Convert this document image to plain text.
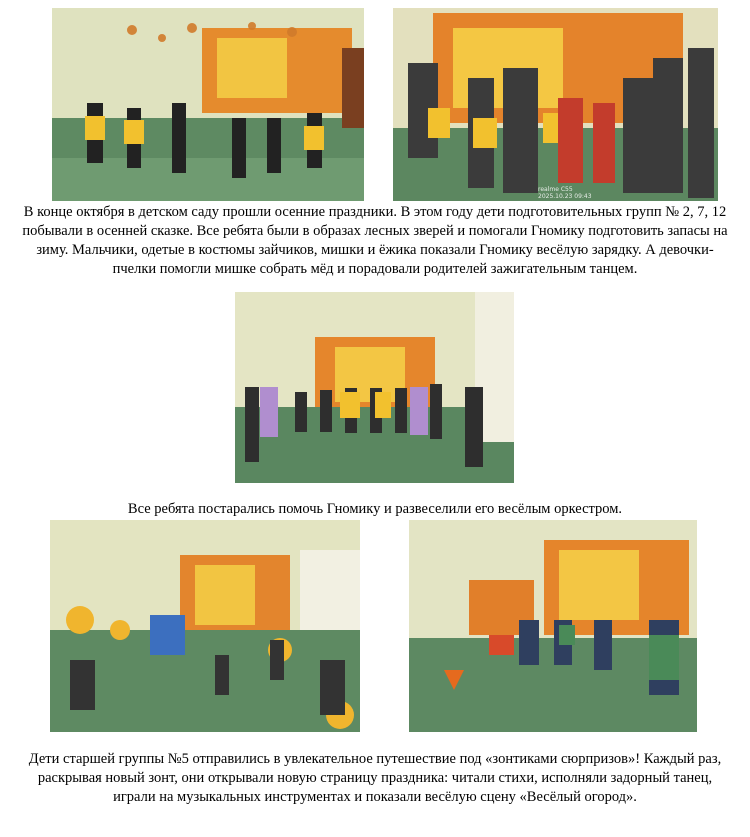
realme C55
2025.10.23 09:43
В конце октября в детском саду прошли осенние праздники. В этом году дети подготовительных групп № 2, 7, 12 побывали в осенней сказке. Все ребята были в образах лесных зверей и помогали Гномику подготовить запасы на зиму. Мальчики, одетые в костюмы зайчиков, мишки и ёжика показали Гномику весёлую зарядку. А девочки-пчелки помогли мишке собрать мёд и порадовали родителей зажигательным танцем.
Все ребята постарались помочь Гномику и развеселили его весёлым оркестром.
Дети старшей группы №5 отправились в увлекательное путешествие под «зонтиками сюрпризов»! Каждый раз, раскрывая новый зонт, они открывали новую страницу праздника: читали стихи, исполняли задорный танец, играли на музыкальных инструментах и показали весёлую сцену «Весёлый огород».
